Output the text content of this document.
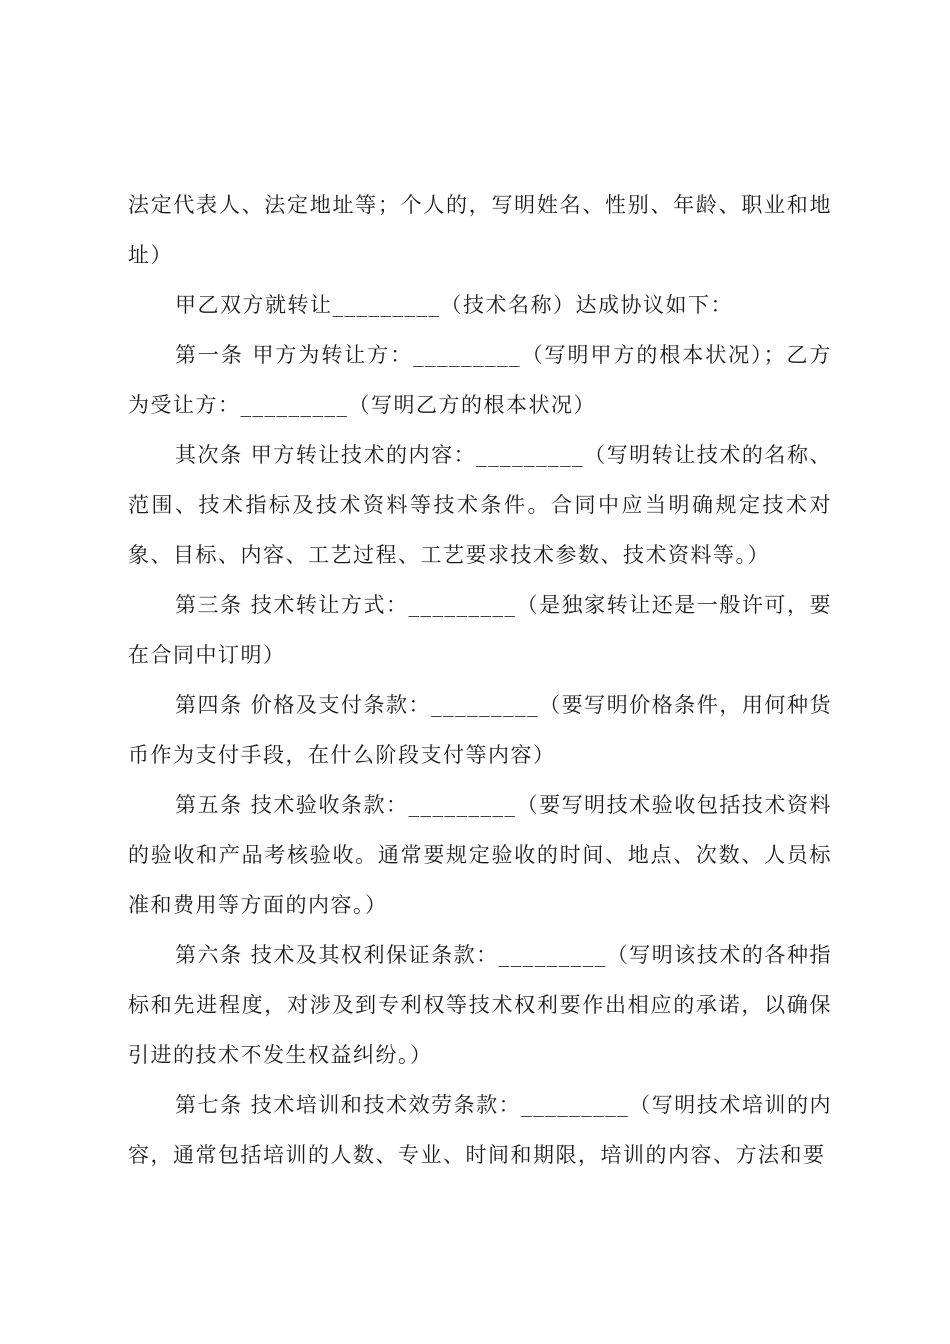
法定代表人、法定地址等；个人的，写明姓名、性别、年龄、职业和地址）

甲乙双方就转让_________（技术名称）达成协议如下：

第一条 甲方为转让方：_________（写明甲方的根本状况）；乙方为受让方：_________（写明乙方的根本状况）

其次条 甲方转让技术的内容：_________（写明转让技术的名称、范围、技术指标及技术资料等技术条件。合同中应当明确规定技术对象、目标、内容、工艺过程、工艺要求技术参数、技术资料等。）

第三条 技术转让方式：_________（是独家转让还是一般许可，要在合同中订明）

第四条 价格及支付条款：_________（要写明价格条件，用何种货币作为支付手段，在什么阶段支付等内容）

第五条 技术验收条款：_________（要写明技术验收包括技术资料的验收和产品考核验收。通常要规定验收的时间、地点、次数、人员标准和费用等方面的内容。）

第六条 技术及其权利保证条款：_________（写明该技术的各种指标和先进程度，对涉及到专利权等技术权利要作出相应的承诺，以确保引进的技术不发生权益纠纷。）

第七条 技术培训和技术效劳条款：_________（写明技术培训的内容，通常包括培训的人数、专业、时间和期限，培训的内容、方法和要
